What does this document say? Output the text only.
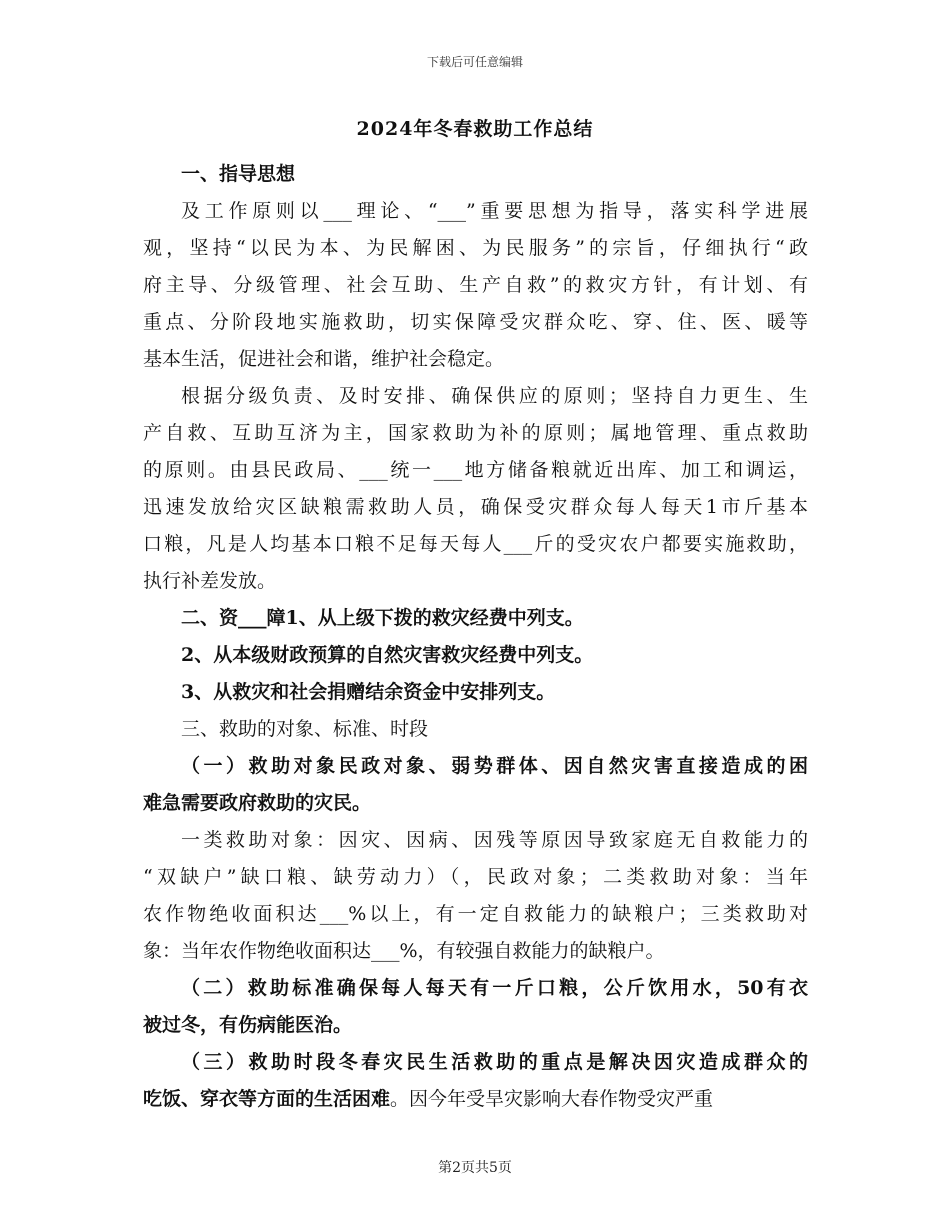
下载后可任意编辑
2024年冬春救助工作总结
一、指导思想
及工作原则以___理论、“___”重要思想为指导，落实科学进展
观，坚持“以民为本、为民解困、为民服务”的宗旨，仔细执行“政
府主导、分级管理、社会互助、生产自救”的救灾方针，有计划、有
重点、分阶段地实施救助，切实保障受灾群众吃、穿、住、医、暖等
基本生活，促进社会和谐，维护社会稳定。
根据分级负责、及时安排、确保供应的原则；坚持自力更生、生
产自救、互助互济为主，国家救助为补的原则；属地管理、重点救助
的原则。由县民政局、___统一___地方储备粮就近出库、加工和调运，
迅速发放给灾区缺粮需救助人员，确保受灾群众每人每天1市斤基本
口粮，凡是人均基本口粮不足每天每人___斤的受灾农户都要实施救助，
执行补差发放。
二、资___障1、从上级下拨的救灾经费中列支。
2、从本级财政预算的自然灾害救灾经费中列支。
3、从救灾和社会捐赠结余资金中安排列支。
三、救助的对象、标准、时段
（一）救助对象民政对象、弱势群体、因自然灾害直接造成的困
难急需要政府救助的灾民。
一类救助对象：因灾、因病、因残等原因导致家庭无自救能力的
“双缺户”缺口粮、缺劳动力）（，民政对象；二类救助对象：当年
农作物绝收面积达___%以上，有一定自救能力的缺粮户；三类救助对
象：当年农作物绝收面积达___%，有较强自救能力的缺粮户。
（二）救助标准确保每人每天有一斤口粮，公斤饮用水，50有衣
被过冬，有伤病能医治。
（三）救助时段冬春灾民生活救助的重点是解决因灾造成群众的
吃饭、穿衣等方面的生活困难。因今年受旱灾影响大春作物受灾严重
第2页共5页
